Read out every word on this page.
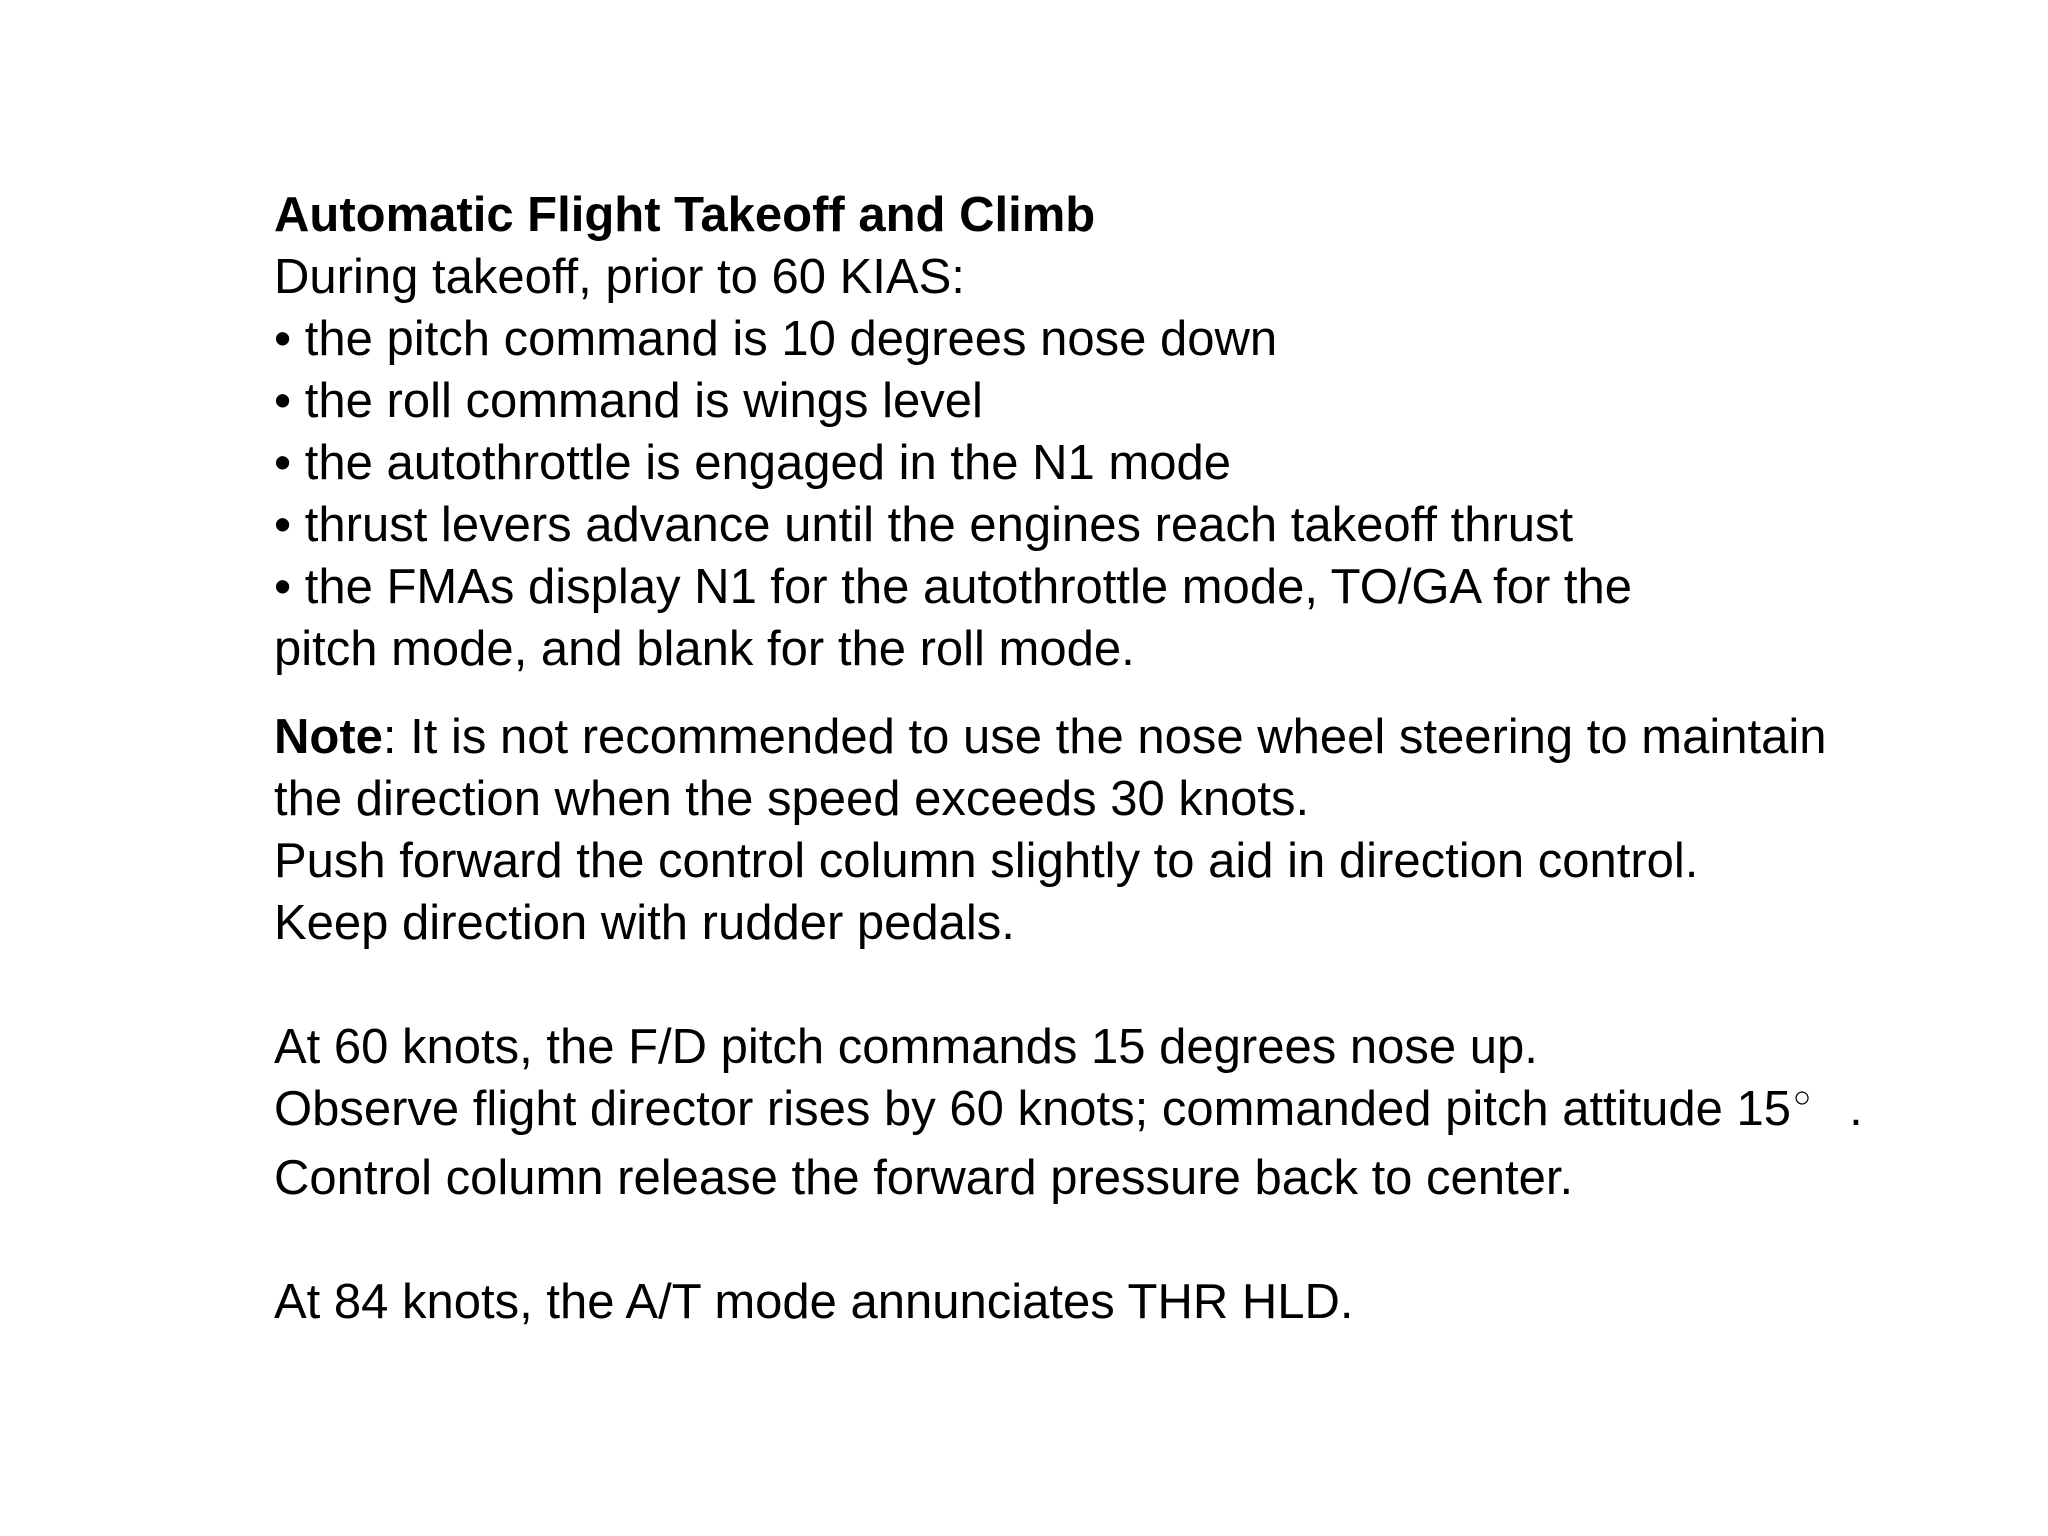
Automatic Flight Takeoff and Climb
During takeoff, prior to 60 KIAS:
• the pitch command is 10 degrees nose down
• the roll command is wings level
• the autothrottle is engaged in the N1 mode
• thrust levers advance until the engines reach takeoff thrust
• the FMAs display N1 for the autothrottle mode, TO/GA for the
pitch mode, and blank for the roll mode.
Note: It is not recommended to use the nose wheel steering to maintain
the direction when the speed exceeds 30 knots.
Push forward the control column slightly to aid in direction control.
Keep direction with rudder pedals.
At 60 knots, the F/D pitch commands 15 degrees nose up.
Observe flight director rises by 60 knots; commanded pitch attitude 15○ .
Control column release the forward pressure back to center.
At 84 knots, the A/T mode annunciates THR HLD.
